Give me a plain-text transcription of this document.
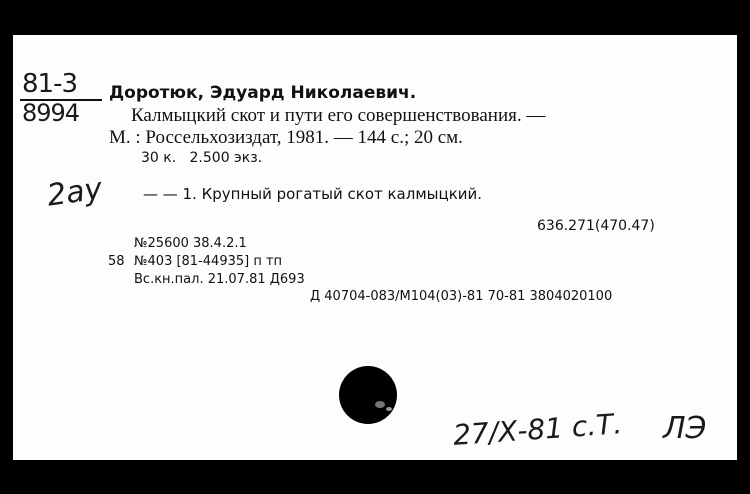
81-3
8994
2ау
Доротюк, Эдуард Николаевич.
Калмыцкий скот и пути его совершенствования. —
М. : Россельхозиздат, 1981. — 144 с.; 20 см.
30 к.   2.500 экз.
— — 1. Крупный рогатый скот калмыцкий.
636.271(470.47)
№25600 38.4.2.1
58 №403 [81-44935] п тп
Вс.кн.пал. 21.07.81 Д693
Д 40704-083/М104(03)-81 70-81 3804020100
27/Х-81 с.Т. ЛЭ
